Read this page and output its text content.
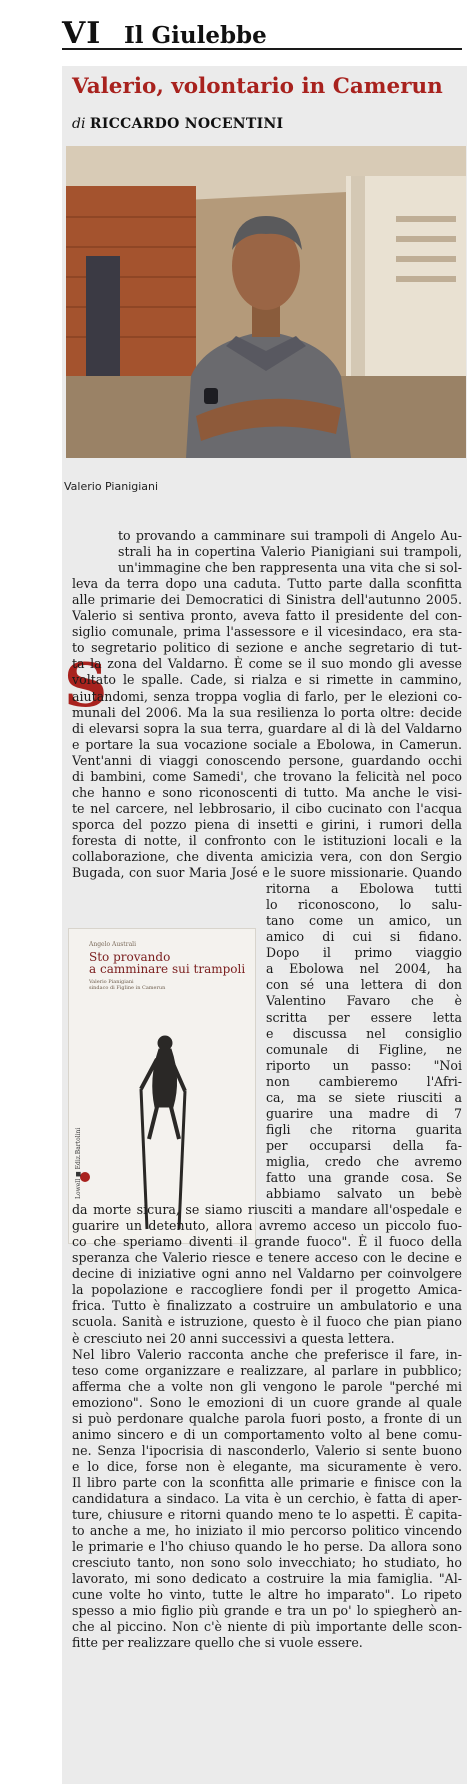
VI Il Giulebbe
Valerio, volontario in Camerun
di RICCARDO NOCENTINI
Valerio Pianigiani
S
Angelo Australi
Sto provando
a camminare sui trampoli
Valerio Pianigiani
sindaco di Figline in Camerun
Lowell ■ Ediz.Bartolini
to provando a camminare sui trampoli di Angelo Au-
strali ha in copertina Valerio Pianigiani sui trampoli,
un'immagine che ben rappresenta una vita che si sol-
leva da terra dopo una caduta. Tutto parte dalla sconfitta
alle primarie dei Democratici di Sinistra dell'autunno 2005.
Valerio si sentiva pronto, aveva fatto il presidente del con-
siglio comunale, prima l'assessore e il vicesindaco, era sta-
to segretario politico di sezione e anche segretario di tut-
ta la zona del Valdarno. È come se il suo mondo gli avesse
voltato le spalle. Cade, si rialza e si rimette in cammino,
aiutandomi, senza troppa voglia di farlo, per le elezioni co-
munali del 2006. Ma la sua resilienza lo porta oltre: decide
di elevarsi sopra la sua terra, guardare al di là del Valdarno
e portare la sua vocazione sociale a Ebolowa, in Camerun.
Vent'anni di viaggi conoscendo persone, guardando occhi
di bambini, come Samedi', che trovano la felicità nel poco
che hanno e sono riconoscenti di tutto. Ma anche le visi-
te nel carcere, nel lebbrosario, il cibo cucinato con l'acqua
sporca del pozzo piena di insetti e girini, i rumori della
foresta di notte, il confronto con le istituzioni locali e la
collaborazione, che diventa amicizia vera, con don Sergio
Bugada, con suor Maria José e le suore missionarie. Quando
ritorna a Ebolowa tutti
lo riconoscono, lo salu-
tano come un amico, un
amico di cui si fidano.
Dopo il primo viaggio
a Ebolowa nel 2004, ha
con sé una lettera di don
Valentino Favaro che è
scritta per essere letta
e discussa nel consiglio
comunale di Figline, ne
riporto un passo: "Noi
non cambieremo l'Afri-
ca, ma se siete riusciti a
guarire una madre di 7
figli che ritorna guarita
per occuparsi della fa-
miglia, credo che avremo
fatto una grande cosa. Se
abbiamo salvato un bebè
da morte sicura, se siamo riusciti a mandare all'ospedale e
guarire un detenuto, allora avremo acceso un piccolo fuo-
co che speriamo diventi il grande fuoco". È il fuoco della
speranza che Valerio riesce e tenere acceso con le decine e
decine di iniziative ogni anno nel Valdarno per coinvolgere
la popolazione e raccogliere fondi per il progetto Amica-
frica. Tutto è finalizzato a costruire un ambulatorio e una
scuola. Sanità e istruzione, questo è il fuoco che pian piano
è cresciuto nei 20 anni successivi a questa lettera.
Nel libro Valerio racconta anche che preferisce il fare, in-
teso come organizzare e realizzare, al parlare in pubblico;
afferma che a volte non gli vengono le parole "perché mi
emoziono". Sono le emozioni di un cuore grande al quale
si può perdonare qualche parola fuori posto, a fronte di un
animo sincero e di un comportamento volto al bene comu-
ne. Senza l'ipocrisia di nasconderlo, Valerio si sente buono
e lo dice, forse non è elegante, ma sicuramente è vero.
Il libro parte con la sconfitta alle primarie e finisce con la
candidatura a sindaco. La vita è un cerchio, è fatta di aper-
ture, chiusure e ritorni quando meno te lo aspetti. È capita-
to anche a me, ho iniziato il mio percorso politico vincendo
le primarie e l'ho chiuso quando le ho perse. Da allora sono
cresciuto tanto, non sono solo invecchiato; ho studiato, ho
lavorato, mi sono dedicato a costruire la mia famiglia. "Al-
cune volte ho vinto, tutte le altre ho imparato". Lo ripeto
spesso a mio figlio più grande e tra un po' lo spiegherò an-
che al piccino. Non c'è niente di più importante delle scon-
fitte per realizzare quello che si vuole essere.
